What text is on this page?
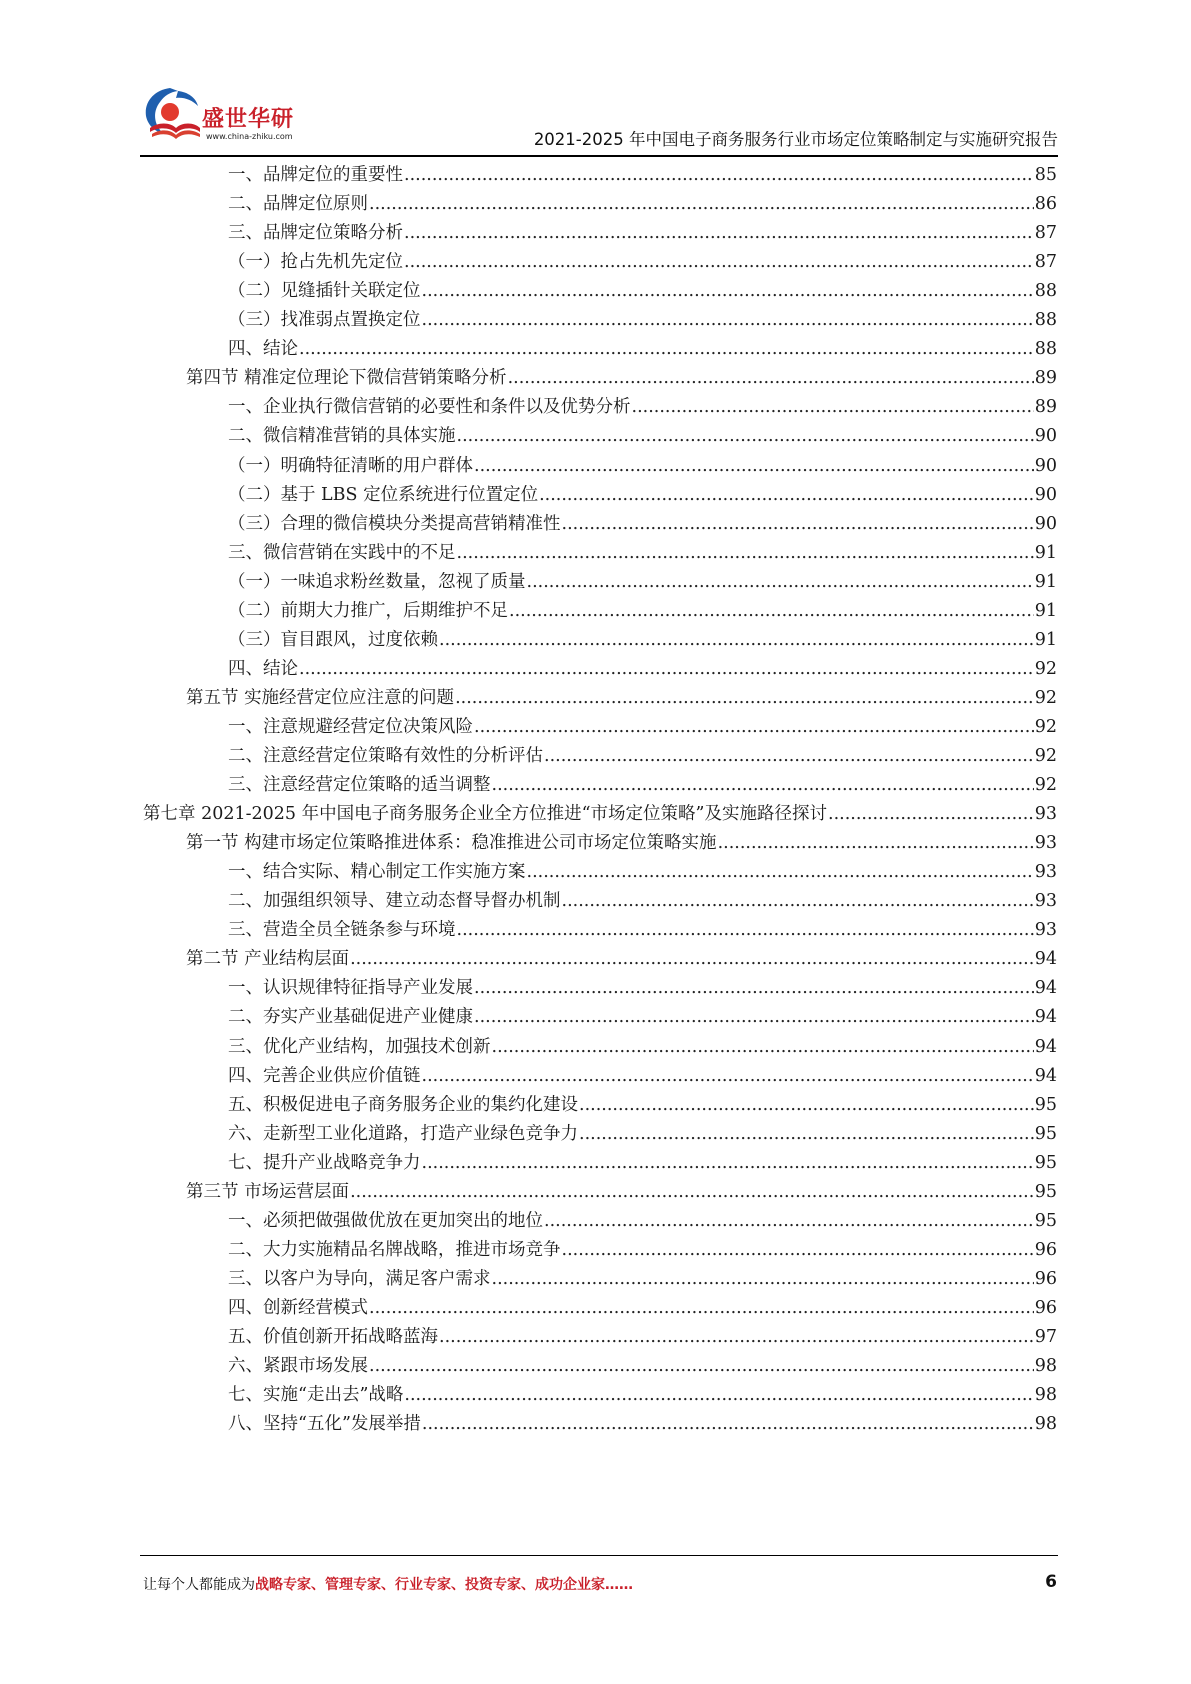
盛世华研
www.china-zhiku.com	2021-2025 年中国电子商务服务行业市场定位策略制定与实施研究报告
一、品牌定位的重要性 .....	85
二、品牌定位原则 .....	86
三、品牌定位策略分析 .....	87
（一）抢占先机先定位 .....	87
（二）见缝插针关联定位 .....	88
（三）找准弱点置换定位 .....	88
四、结论 .....	88
第四节 精准定位理论下微信营销策略分析 .....	89
一、企业执行微信营销的必要性和条件以及优势分析 .....	89
二、微信精准营销的具体实施 .....	90
（一）明确特征清晰的用户群体 .....	90
（二）基于 LBS 定位系统进行位置定位 .....	90
（三）合理的微信模块分类提高营销精准性 .....	90
三、微信营销在实践中的不足 .....	91
（一）一味追求粉丝数量，忽视了质量 .....	91
（二）前期大力推广，后期维护不足 .....	91
（三）盲目跟风，过度依赖 .....	91
四、结论 .....	92
第五节 实施经营定位应注意的问题 .....	92
一、注意规避经营定位决策风险 .....	92
二、注意经营定位策略有效性的分析评估 .....	92
三、注意经营定位策略的适当调整 .....	92
第七章 2021-2025 年中国电子商务服务企业全方位推进“市场定位策略”及实施路径探讨 .....	93
第一节 构建市场定位策略推进体系：稳准推进公司市场定位策略实施 .....	93
一、结合实际、精心制定工作实施方案 .....	93
二、加强组织领导、建立动态督导督办机制 .....	93
三、营造全员全链条参与环境 .....	93
第二节 产业结构层面 .....	94
一、认识规律特征指导产业发展 .....	94
二、夯实产业基础促进产业健康 .....	94
三、优化产业结构，加强技术创新 .....	94
四、完善企业供应价值链 .....	94
五、积极促进电子商务服务企业的集约化建设 .....	95
六、走新型工业化道路，打造产业绿色竞争力 .....	95
七、提升产业战略竞争力 .....	95
第三节 市场运营层面 .....	95
一、必须把做强做优放在更加突出的地位 .....	95
二、大力实施精品名牌战略，推进市场竞争 .....	96
三、以客户为导向，满足客户需求 .....	96
四、创新经营模式 .....	96
五、价值创新开拓战略蓝海 .....	97
六、紧跟市场发展 .....	98
七、实施“走出去”战略 .....	98
八、坚持“五化”发展举措 .....	98
让每个人都能成为战略专家、管理专家、行业专家、投资专家、成功企业家……	6
